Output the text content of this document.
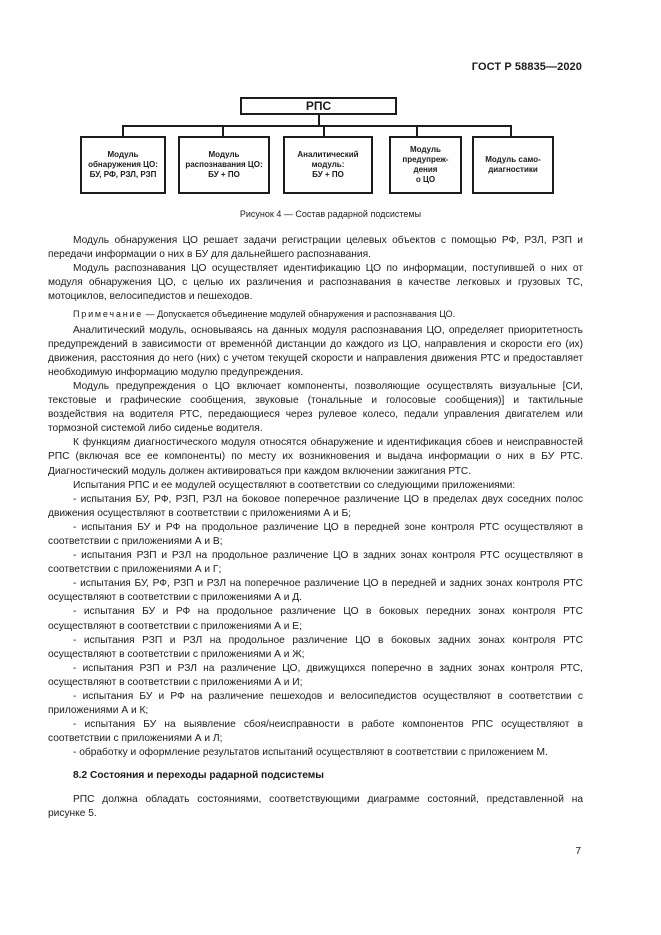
ГОСТ Р 58835—2020
РПС
Модуль
обнаружения ЦО:
БУ, РФ, РЗЛ, РЗП
Модуль
распознавания ЦО:
БУ + ПО
Аналитический
модуль:
БУ + ПО
Модуль
предупреж-
дения
о ЦО
Модуль само-
диагностики
Рисунок 4 — Состав радарной подсистемы

Модуль обнаружения ЦО решает задачи регистрации целевых объектов с помощью РФ, РЗЛ, РЗП и передачи информации о них в БУ для дальнейшего распознавания.

Модуль распознавания ЦО осуществляет идентификацию ЦО по информации, поступившей о них от модуля обнаружения ЦО, с целью их различения и распознавания в качестве легковых и грузовых ТС, мотоциклов, велосипедистов и пешеходов.

Примечание — Допускается объединение модулей обнаружения и распознавания ЦО.

Аналитический модуль, основываясь на данных модуля распознавания ЦО, определяет приоритетность предупреждений в зависимости от временно́й дистанции до каждого из ЦО, направления и скорости его (их) движения, расстояния до него (них) с учетом текущей скорости и направления движения РТС и предоставляет необходимую информацию модулю предупреждения.

Модуль предупреждения о ЦО включает компоненты, позволяющие осуществлять визуальные [СИ, текстовые и графические сообщения, звуковые (тональные и голосовые сообщения)] и тактильные воздействия на водителя РТС, передающиеся через рулевое колесо, педали управления двигателем или тормозной системой либо сиденье водителя.

К функциям диагностического модуля относятся обнаружение и идентификация сбоев и неисправностей РПС (включая все ее компоненты) по месту их возникновения и выдача информации о них в БУ РТС. Диагностический модуль должен активироваться при каждом включении зажигания РТС.

Испытания РПС и ее модулей осуществляют в соответствии со следующими приложениями:

- испытания БУ, РФ, РЗП, РЗЛ на боковое поперечное различение ЦО в пределах двух соседних полос движения осуществляют в соответствии с приложениями А и Б;

- испытания БУ и РФ на продольное различение ЦО в передней зоне контроля РТС осуществляют в соответствии с приложениями А и В;

- испытания РЗП и РЗЛ на продольное различение ЦО в задних зонах контроля РТС осуществляют в соответствии с приложениями А и Г;

- испытания БУ, РФ, РЗП и РЗЛ на поперечное различение ЦО в передней и задних зонах контроля РТС осуществляют в соответствии с приложениями А и Д.

- испытания БУ и РФ на продольное различение ЦО в боковых передних зонах контроля РТС осуществляют в соответствии с приложениями А и Е;

- испытания РЗП и РЗЛ на продольное различение ЦО в боковых задних зонах контроля РТС осуществляют в соответствии с приложениями А и Ж;

- испытания РЗП и РЗЛ на различение ЦО, движущихся поперечно в задних зонах контроля РТС, осуществляют в соответствии с приложениями А и И;

- испытания БУ и РФ на различение пешеходов и велосипедистов осуществляют в соответствии с приложениями А и К;

- испытания БУ на выявление сбоя/неисправности в работе компонентов РПС осуществляют в соответствии с приложениями А и Л;

- обработку и оформление результатов испытаний осуществляют в соответствии с приложением М.

8.2 Состояния и переходы радарной подсистемы

РПС должна обладать состояниями, соответствующими диаграмме состояний, представленной на рисунке 5.

7
